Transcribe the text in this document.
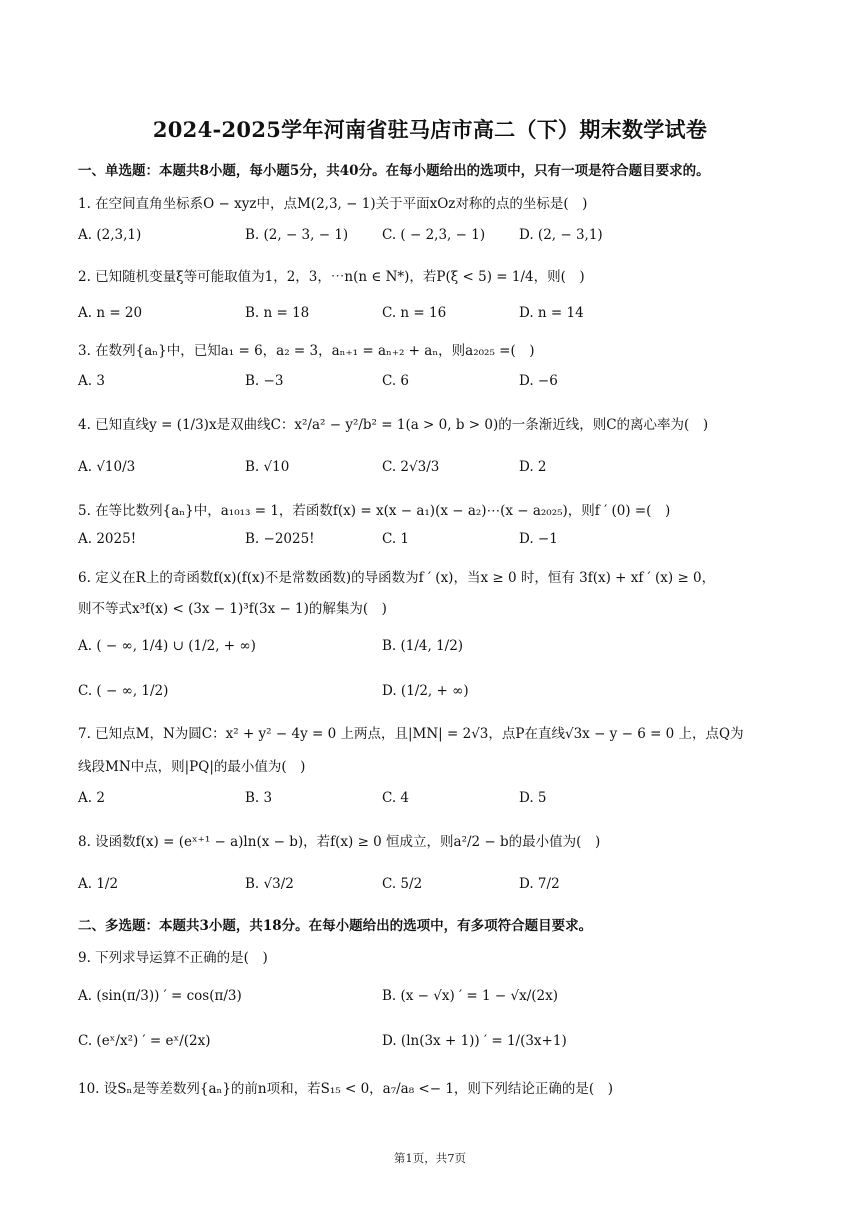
2024-2025学年河南省驻马店市高二（下）期末数学试卷
一、单选题：本题共8小题，每小题5分，共40分。在每小题给出的选项中，只有一项是符合题目要求的。
1. 在空间直角坐标系O − xyz中，点M(2,3, − 1)关于平面xOz对称的点的坐标是(　)
A. (2,3,1)	B. (2, − 3, − 1)	C. ( − 2,3, − 1)	D. (2, − 3,1)
2. 已知随机变量ξ等可能取值为1，2，3，⋯n(n ∈ N*)，若P(ξ < 5) = 1/4，则(　)
A. n = 20	B. n = 18	C. n = 16	D. n = 14
3. 在数列{aₙ}中，已知a₁ = 6，a₂ = 3，aₙ₊₁ = aₙ₊₂ + aₙ，则a₂₀₂₅ =(　)
A. 3	B. −3	C. 6	D. −6
4. 已知直线y = (1/3)x是双曲线C：x²/a² − y²/b² = 1(a > 0, b > 0)的一条渐近线，则C的离心率为(　)
A. √10/3	B. √10	C. 2√3/3	D. 2
5. 在等比数列{aₙ}中，a₁₀₁₃ = 1，若函数f(x) = x(x − a₁)(x − a₂)⋯(x − a₂₀₂₅)，则f ′ (0) =(　)
A. 2025!	B. −2025!	C. 1	D. −1
6. 定义在R上的奇函数f(x)(f(x)不是常数函数)的导函数为f ′ (x)，当x ≥ 0 时，恒有 3f(x) + xf ′ (x) ≥ 0，
则不等式x³f(x) < (3x − 1)³f(3x − 1)的解集为(　)
A. ( − ∞, 1/4) ∪ (1/2, + ∞)	B. (1/4, 1/2)
C. ( − ∞, 1/2)	D. (1/2, + ∞)
7. 已知点M，N为圆C：x² + y² − 4y = 0 上两点，且|MN| = 2√3，点P在直线√3x − y − 6 = 0 上，点Q为
线段MN中点，则|PQ|的最小值为(　)
A. 2	B. 3	C. 4	D. 5
8. 设函数f(x) = (eˣ⁺¹ − a)ln(x − b)，若f(x) ≥ 0 恒成立，则a²/2 − b的最小值为(　)
A. 1/2	B. √3/2	C. 5/2	D. 7/2
二、多选题：本题共3小题，共18分。在每小题给出的选项中，有多项符合题目要求。
9. 下列求导运算不正确的是(　)
A. (sin(π/3)) ′ = cos(π/3)	B. (x − √x) ′ = 1 − √x/(2x)
C. (eˣ/x²) ′ = eˣ/(2x)	D. (ln(3x + 1)) ′ = 1/(3x+1)
10. 设Sₙ是等差数列{aₙ}的前n项和，若S₁₅ < 0，a₇/a₈ <− 1，则下列结论正确的是(　)
第1页，共7页
